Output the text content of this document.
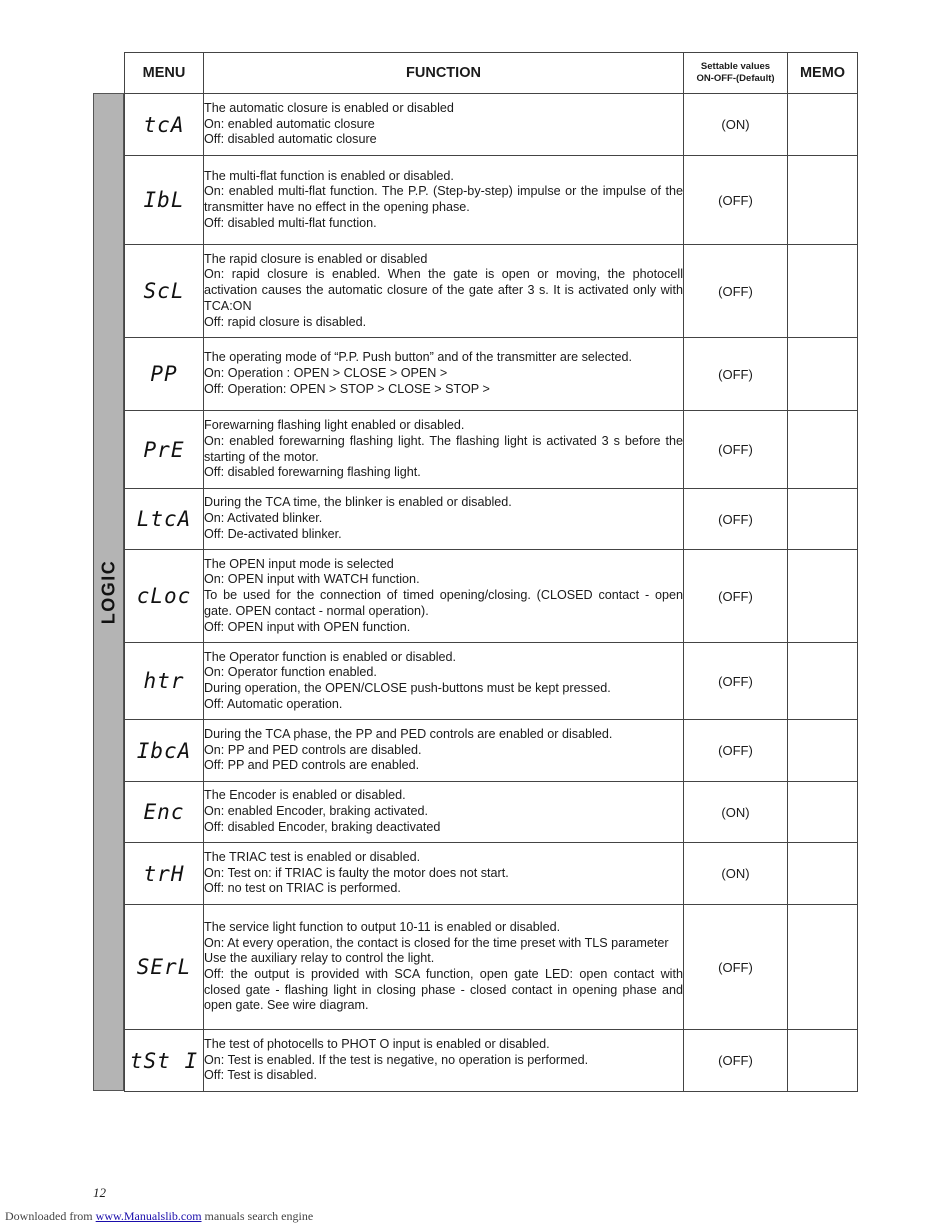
LOGIC
MENU	FUNCTION	Settable values
ON-OFF-(Default)	MEMO
tcA	The automatic closure is enabled or disabled
On: enabled automatic closure
Off: disabled automatic closure	(ON)	
IbL	The multi-flat function is enabled or disabled.
On: enabled multi-flat function. The P.P. (Step-by-step) impulse or the impulse of the transmitter have no effect in the opening phase.
Off: disabled multi-flat function.	(OFF)	
ScL	The rapid closure is enabled or disabled
On: rapid closure is enabled. When the gate is open or moving, the photocell activation causes the automatic closure of the gate after 3 s. It is activated only with TCA:ON
Off: rapid closure is disabled.	(OFF)	
PP	The operating mode of “P.P. Push button” and of the transmitter are selected.
On: Operation : OPEN > CLOSE > OPEN >
Off: Operation: OPEN > STOP > CLOSE > STOP >	(OFF)	
PrE	Forewarning flashing light enabled or disabled.
On: enabled forewarning flashing light. The flashing light is activated 3 s before the starting of the motor.
Off: disabled forewarning flashing light.	(OFF)	
LtcA	During the TCA time, the blinker is enabled or disabled.
On: Activated blinker.
Off: De-activated blinker.	(OFF)	
cLoc	The OPEN input mode is selected
On: OPEN input with WATCH function.
To be used for the connection of timed opening/closing. (CLOSED contact - open gate. OPEN contact - normal operation).
Off: OPEN input with OPEN function.	(OFF)	
htr	The Operator function is enabled or disabled.
On: Operator function enabled.
During operation, the OPEN/CLOSE push-buttons must be kept pressed.
Off: Automatic operation.	(OFF)	
IbcA	During the TCA phase, the PP and PED controls are enabled or disabled.
On: PP and PED controls are disabled.
Off: PP and PED controls are enabled.	(OFF)	
Enc	The Encoder is enabled or disabled.
On: enabled Encoder, braking activated.
Off: disabled Encoder, braking deactivated	(ON)	
trH	The TRIAC test is enabled or disabled.
On: Test on: if TRIAC is faulty the motor does not start.
Off: no test on TRIAC is performed.	(ON)	
SErL	The service light function to output 10-11 is enabled or disabled.
On: At every operation, the contact is closed for the time preset with TLS parameter
Use the auxiliary relay to control the light.
Off: the output is provided with SCA function, open gate LED: open contact with closed gate - flashing light in closing phase - closed contact in opening phase and open gate. See wire diagram.	(OFF)	
tSt I	The test of photocells to PHOT O input is enabled or disabled.
On: Test is enabled. If the test is negative, no operation is performed.
Off: Test is disabled.	(OFF)	
12
Downloaded from www.Manualslib.com manuals search engine
